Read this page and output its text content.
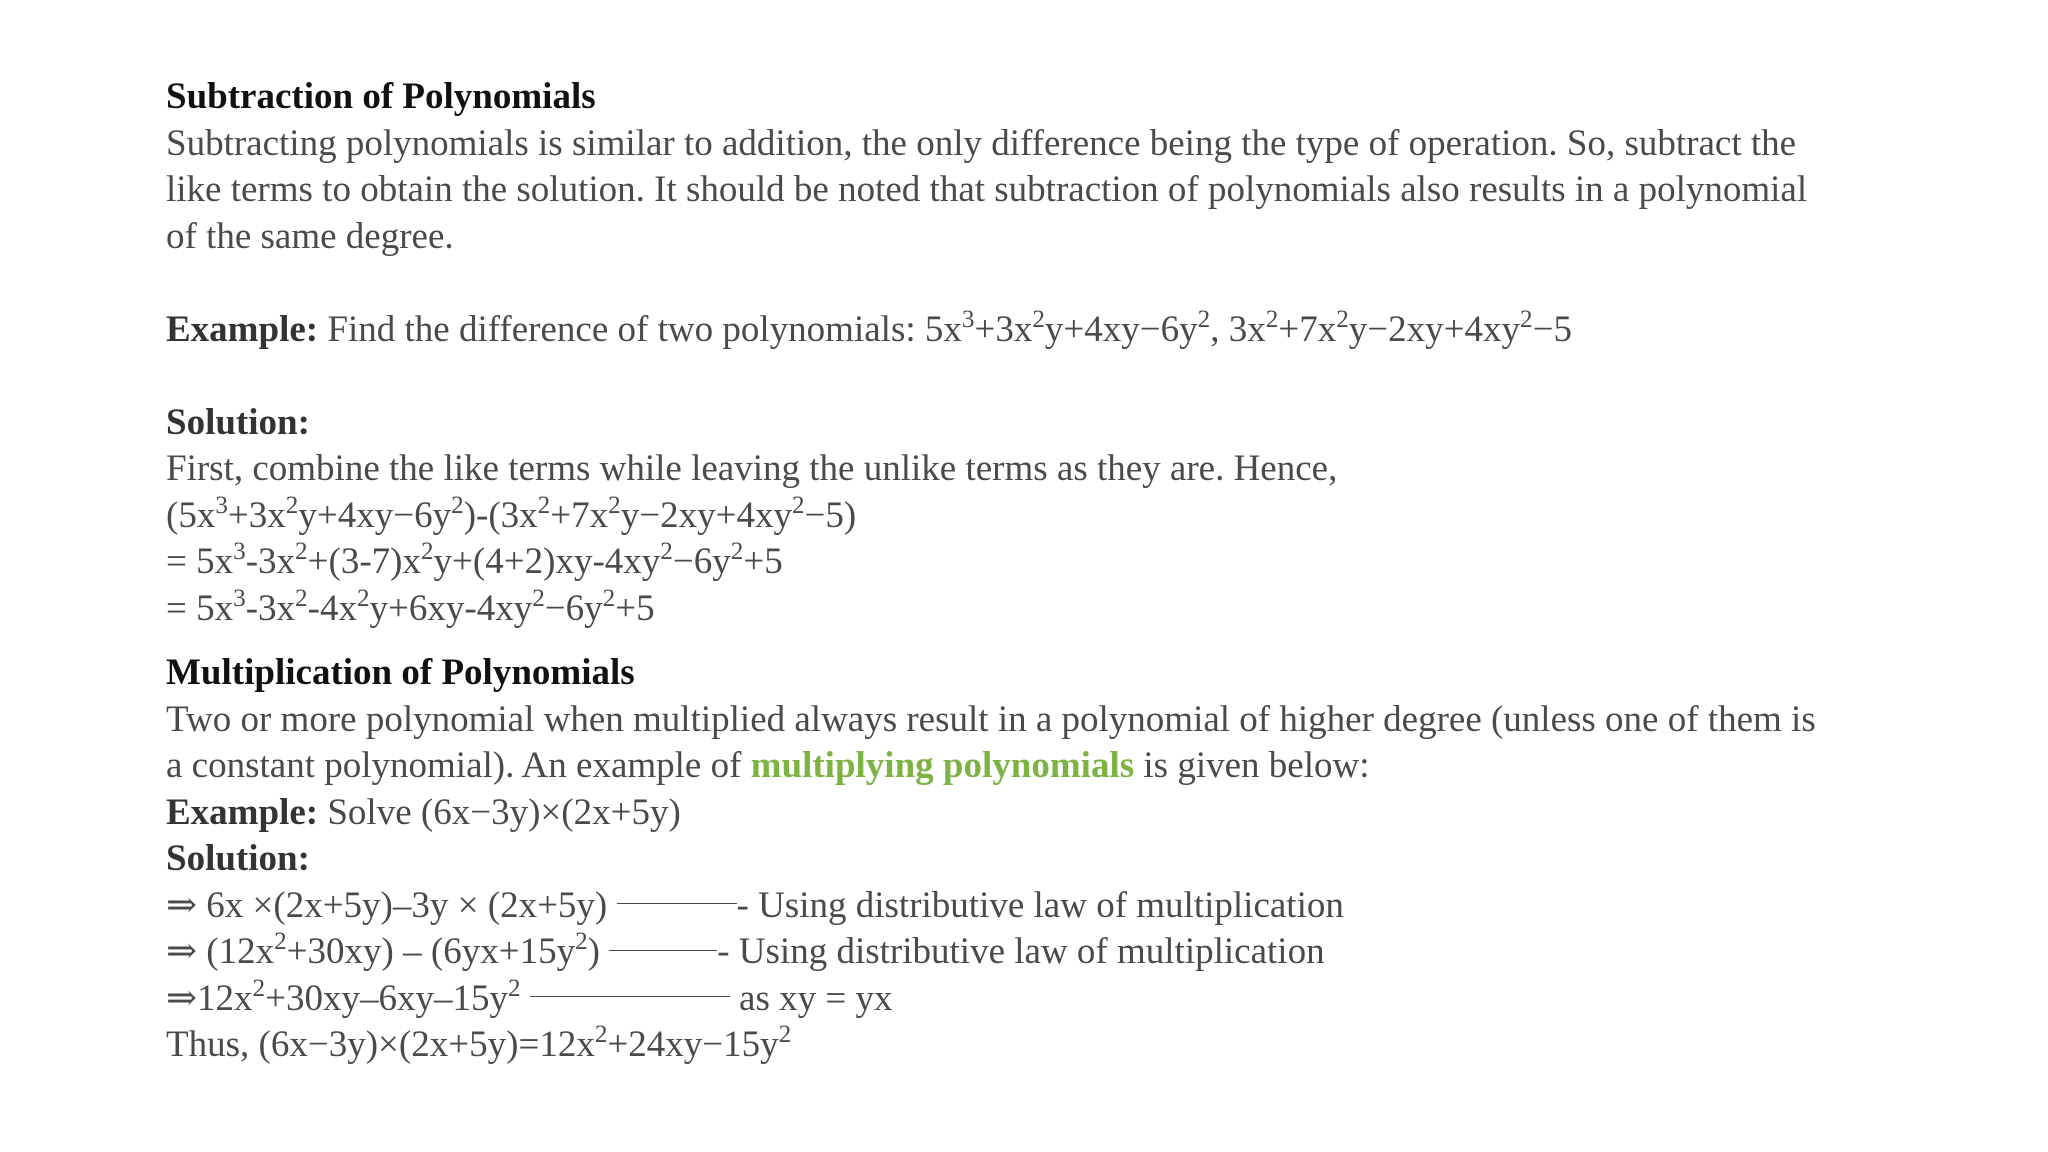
Subtraction of Polynomials
Subtracting polynomials is similar to addition, the only difference being the type of operation. So, subtract the
like terms to obtain the solution. It should be noted that subtraction of polynomials also results in a polynomial
of the same degree.
Example: Find the difference of two polynomials: $5x^3+3x^2y+4xy-6y^2$, $3x^2+7x^2y-2xy+4xy^2-5$
Solution:
First, combine the like terms while leaving the unlike terms as they are. Hence,
$(5x^3+3x^2y+4xy-6y^2)-(3x^2+7x^2y-2xy+4xy^2-5)$
= $5x^3-3x^2+(3-7)x^2y+(4+2)xy-4xy^2-6y^2+5$
= $5x^3-3x^2-4x^2y+6xy-4xy^2-6y^2+5$
Multiplication of Polynomials
Two or more polynomial when multiplied always result in a polynomial of higher degree (unless one of them is
a constant polynomial). An example of multiplying polynomials is given below:
Example: Solve (6x−3y)×(2x+5y)
Solution:
⇒ 6x ×(2x+5y)–3y × (2x+5y)	- Using distributive law of multiplication
⇒ $(12x^2+30xy) - (6yx+15y^2)$	- Using distributive law of multiplication
$\Rightarrow 12x^2+30xy-6xy-15y^2$	as xy = yx
Thus, $(6x-3y)\times(2x+5y)=12x^2+24xy-15y^2$
